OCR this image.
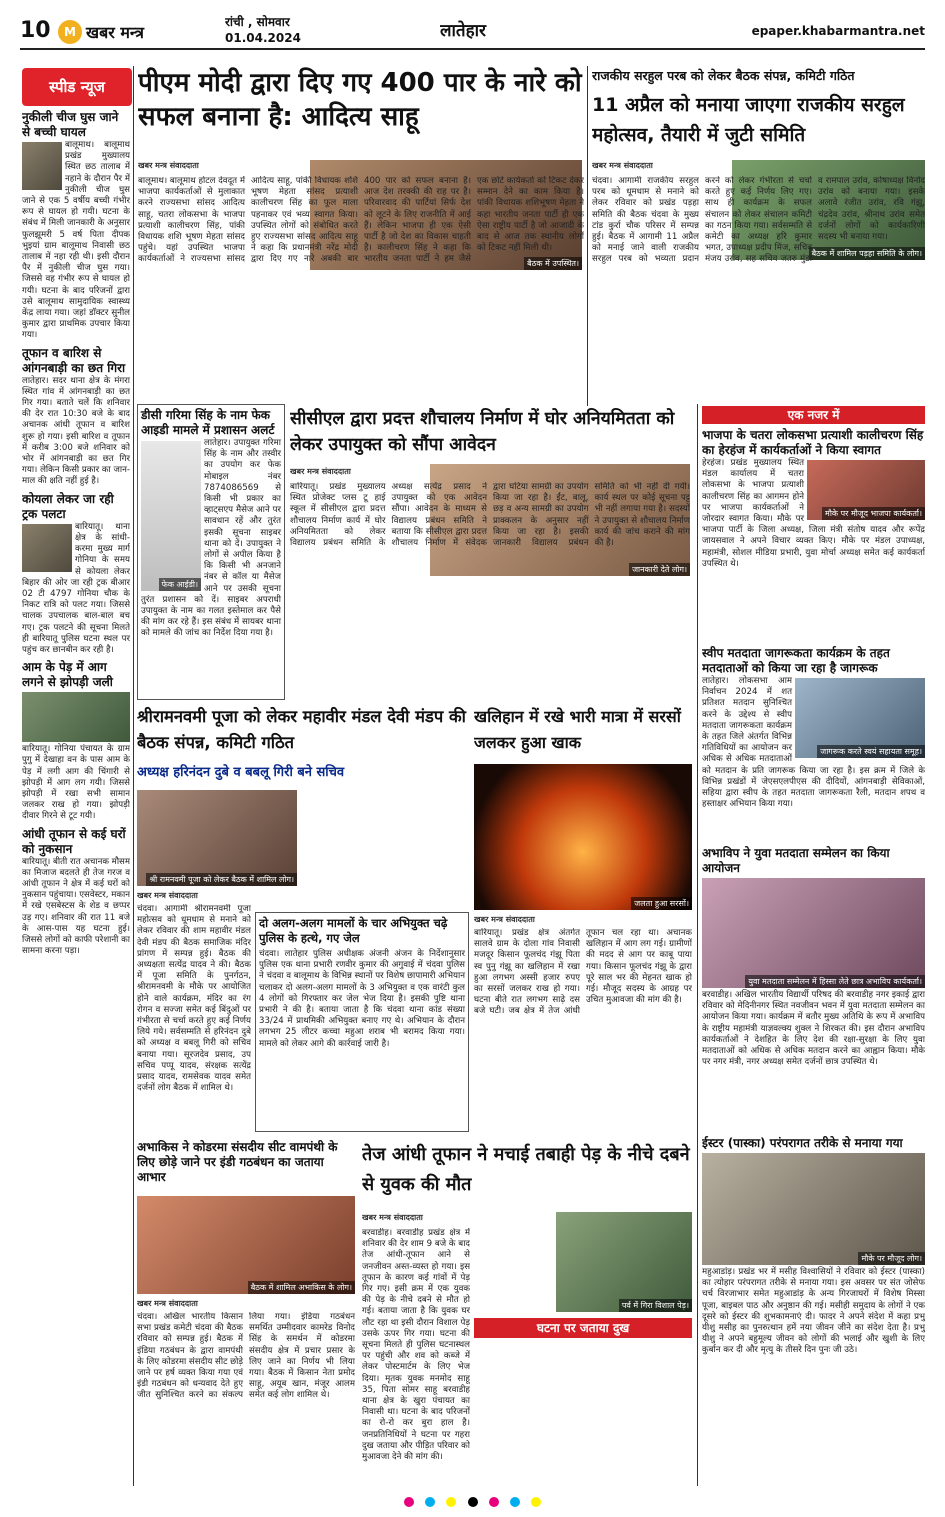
10	M खबर मन्त्र
रांची , सोमवार
01.04.2024	लातेहार	epaper.khabarmantra.net
स्पीड न्यूज
नुकीली चीज घुस जाने से बच्ची घायल
बालूमाथ। बालूमाथ प्रखंड मुख्यालय स्थित छठ तालाब में नहाने के दौरान पैर में नुकीली चीज घुस जाने से एक 5 वर्षीय बच्ची गंभीर रूप से घायल हो गयी। घटना के संबंध में मिली जानकारी के अनुसार फुलझूमरी 5 वर्ष पिता दीपक भुइयां ग्राम बालूमाथ निवासी छठ तालाब में नहा रही थी। इसी दौरान पैर में नुकीली चीज घुस गया। जिससे वह गंभीर रूप से घायल हो गयी। घटना के बाद परिजनों द्वारा उसे बालूमाथ सामुदायिक स्वास्थ्य केंद्र लाया गया। जहां डॉक्टर सुनील कुमार द्वारा प्राथमिक उपचार किया गया।
तूफान व बारिश से आंगनबाड़ी का छत गिरा
लातेहार। सदर थाना क्षेत्र के मंगरा स्थित गांव में आंगनबाड़ी का छत गिर गया। बताते चलें कि शनिवार की देर रात 10:30 बजे के बाद अचानक आंधी तूफान व बारिश शुरू हो गया। इसी बारिश व तूफान में करीब 3:00 बजे शनिवार को भोर में आंगनबाड़ी का छत गिर गया। लेकिन किसी प्रकार का जान-माल की क्षति नहीं हुई है।
कोयला लेकर जा रही ट्रक पलटा
बारियातू। थाना क्षेत्र के सांधी-करमा मुख्य मार्ग गोनिया के समय से कोयला लेकर बिहार की ओर जा रही ट्रक बीआर 02 टी 4797 गोनिया चौक के निकट रात्रि को पलट गया। जिससे चालक उपचालक बाल-बाल बच गए। ट्रक पलटने की सूचना मिलते ही बारियातू पुलिस घटना स्थल पर पहुंच कर छानबीन कर रही है।
आम के पेड़ में आग लगने से झोपड़ी जली
बारियातू। गोनिया पंचायत के ग्राम पुगु में देखाहा वन के पास आम के पेड़ में लगी आग की चिंगारी से झोपड़ी में आग लग गयी। जिससे झोपड़ी में रखा सभी सामान जलकर राख हो गया। झोपड़ी दीवार गिरने से टूट गयी।
आंधी तूफान से कई घरों को नुकसान
बारियातू। बीती रात अचानक मौसम का मिजाज बदलते ही तेज गरज व आंधी तूफान ने क्षेत्र में कई घरों को नुकसान पहुंचाया। एसवेस्टर, मकान में रखे एसबेस्टस के शेड व छप्पर उड़ गए। शनिवार की रात 11 बजे के आस-पास यह घटना हुई। जिससे लोगों को काफी परेशानी का सामना करना पड़ा।
पीएम मोदी द्वारा दिए गए 400 पार के नारे को सफल बनाना है: आदित्य साहू
खबर मन्त्र संवाददाता
बैठक में उपस्थित।
बालूमाथ। बालूमाथ होटल देवदूत में भाजपा कार्यकर्ताओं से मुलाकात करने राज्यसभा सांसद आदित्य साहू, चतरा लोकसभा के भाजपा प्रत्याशी कालीचरण सिंह, पांकी विधायक शशि भूषण मेहता सांसद पहुंचे। यहां उपस्थित भाजपा कार्यकर्ताओं ने राज्यसभा सांसद आदित्य साहू, पांकी विधायक शशि भूषण मेहता सांसद प्रत्याशी कालीचरण सिंह का फूल माला पहनाकर एवं भव्य स्वागत किया। उपस्थित लोगों को संबोधित करते हुए राज्यसभा सांसद आदित्य साहू ने कहा कि प्रधानमंत्री नरेंद्र मोदी द्वारा दिए गए नारे अबकी बार 400 पार को सफल बनाना है। आज देश तरक्की की राह पर है। परिवारवाद की पार्टियां सिर्फ देश को लूटने के लिए राजनीति में आई हैं। लेकिन भाजपा ही एक ऐसी पार्टी है जो देश का विकास चाहती है। कालीचरण सिंह ने कहा कि भारतीय जनता पार्टी ने हम जैसे एक छोटे कार्यकर्ता को टिकट देकर सम्मान देने का काम किया है। पांकी विधायक शशिभूषण मेहता ने कहा भारतीय जनता पार्टी ही एक ऐसा राष्ट्रीय पार्टी है जो आजादी के बाद से आज तक स्थानीय लोगों को टिकट नहीं मिली थी।
राजकीय सरहुल परब को लेकर बैठक संपन्न, कमिटी गठित
11 अप्रैल को मनाया जाएगा राजकीय सरहुल महोत्सव, तैयारी में जुटी समिति
खबर मन्त्र संवाददाता
बैठक में शामिल पड़हा समिति के लोग।
चंदवा। आगामी राजकीय सरहुल परब को धूमधाम से मनाने को लेकर रविवार को प्रखंड पड़हा समिति की बैठक चंदवा के मुख्य टांड कुर्रा चौक परिसर में सम्पन्न हुई। बैठक में आगामी 11 अप्रैल को मनाई जाने वाली राजकीय सरहुल परब को भव्यता प्रदान करने को लेकर गंभीरता से चर्चा करते हुए कई निर्णय लिए गए। साथ ही कार्यक्रम के सफल संचालन को लेकर संचालन कमिटी का गठन किया गया। सर्वसम्मति से कमेटी का अध्यक्ष हरि कुमार भगत, उपाध्यक्ष प्रदीप मिंज, सचिव मंजय उरांव, सह सचिव जतरु मुंडा व रामपाल उरांव, कोषाध्यक्ष विनोद उरांव को बनाया गया। इसके अलावे रंजीत उरांव, रवि गंझू, चंद्रदेव उरांव, श्रीनाथ उरांव समेत दर्जनों लोगों को कार्यकारिणी सदस्य भी बनाया गया।
डीसी गरिमा सिंह के नाम फेक आइडी मामले में प्रशासन अलर्ट
फेक आईडी।
लातेहार। उपायुक्त गरिमा सिंह के नाम और तस्वीर का उपयोग कर फेक मोबाइल नंबर 7874086569 से किसी भी प्रकार का व्हाट्सएप मैसेज आने पर सावधान रहें और तुरंत इसकी सूचना साइबर थाना को दें। उपायुक्त ने लोगों से अपील किया है कि किसी भी अनजाने नंबर से कॉल या मैसेज आने पर उसकी सूचना तुरंत प्रशासन को दें। साइबर अपराधी उपायुक्त के नाम का गलत इस्तेमाल कर पैसे की मांग कर रहे हैं। इस संबंध में सायबर थाना को मामले की जांच का निर्देश दिया गया है।
सीसीएल द्वारा प्रदत्त शौचालय निर्माण में घोर अनियमितता को लेकर उपायुक्त को सौंपा आवेदन
खबर मन्त्र संवाददाता
जानकारी देते लोग।
बारियातू। प्रखंड मुख्यालय स्थित प्रोजेक्ट प्लस टू हाई स्कूल में सीसीएल द्वारा प्रदत्त शौचालय निर्माण कार्य में घोर अनियमितता को लेकर विद्यालय प्रबंधन समिति के अध्यक्ष सत्येंद्र प्रसाद ने उपायुक्त को एक आवेदन सौंपा। आवेदन के माध्यम से विद्यालय प्रबंधन समिति ने बताया कि सीसीएल द्वारा प्रदत्त शौचालय निर्माण में संवेदक द्वारा घटिया सामग्री का उपयोग किया जा रहा है। ईंट, बालू, छड़ व अन्य सामग्री का उपयोग प्राक्कलन के अनुसार नहीं किया जा रहा है। इसकी जानकारी विद्यालय प्रबंधन समिति को भी नहीं दी गयी। कार्य स्थल पर कोई सूचना पट्ट भी नहीं लगाया गया है। सदस्यों ने उपायुक्त से शौचालय निर्माण कार्य की जांच कराने की मांग की है।
एक नजर में
भाजपा के चतरा लोकसभा प्रत्याशी कालीचरण सिंह का हेरहंज में कार्यकर्ताओं ने किया स्वागत
मौके पर मौजूद भाजपा कार्यकर्ता।
हेरहंज। प्रखंड मुख्यालय स्थित मंडल कार्यालय में चतरा लोकसभा के भाजपा प्रत्याशी कालीचरण सिंह का आगमन होने पर भाजपा कार्यकर्ताओं ने जोरदार स्वागत किया। मौके पर भाजपा पार्टी के जिला अध्यक्ष, जिला मंत्री संतोष यादव और रूपेंद्र जायसवाल ने अपने विचार व्यक्त किए। मौके पर मंडल उपाध्यक्ष, महामंत्री, सोशल मीडिया प्रभारी, युवा मोर्चा अध्यक्ष समेत कई कार्यकर्ता उपस्थित थे।
स्वीप मतदाता जागरूकता कार्यक्रम के तहत मतदाताओं को किया जा रहा है जागरूक
जागरूक करते स्वयं सहायता समूह।
लातेहार। लोकसभा आम निर्वाचन 2024 में शत प्रतिशत मतदान सुनिश्चित करने के उद्देश्य से स्वीप मतदाता जागरूकता कार्यक्रम के तहत जिले अंतर्गत विभिन्न गतिविधियों का आयोजन कर अधिक से अधिक मतदाताओं को मतदान के प्रति जागरूक किया जा रहा है। इस क्रम में जिले के विभिन्न प्रखंडों में जेएसएलपीएस की दीदियों, आंगनबाड़ी सेविकाओं, सहिया द्वारा स्वीप के तहत मतदाता जागरूकता रैली, मतदान शपथ व हस्ताक्षर अभियान किया गया।
अभाविप ने युवा मतदाता सम्मेलन का किया आयोजन
युवा मतदाता सम्मेलन में हिस्सा लेते छात्र अभाविप कार्यकर्ता।
बरवाडीह। अखिल भारतीय विद्यार्थी परिषद की बरवाडीह नगर इकाई द्वारा रविवार को मेदिनीनगर स्थित नवजीवन भवन में युवा मतदाता सम्मेलन का आयोजन किया गया। कार्यक्रम में बतौर मुख्य अतिथि के रूप में अभाविप के राष्ट्रीय महामंत्री याज्ञवल्क्य शुक्ल ने शिरकत की। इस दौरान अभाविप कार्यकर्ताओं ने देशहित के लिए देश की रक्षा-सुरक्षा के लिए युवा मतदाताओं को अधिक से अधिक मतदान करने का आह्वान किया। मौके पर नगर मंत्री, नगर अध्यक्ष समेत दर्जनों छात्र उपस्थित थे।
ईस्टर (पास्का) परंपरागत तरीके से मनाया गया
मौके पर मौजूद लोग।
महुआडांड़। प्रखंड भर में मसीह विश्वासियों ने रविवार को ईस्टर (पास्का) का त्योहार परंपरागत तरीके से मनाया गया। इस अवसर पर संत जोसेफ चर्च विरजाभार समेत महुआडांड़ के अन्य गिरजाघरों में विशेष मिस्सा पूजा, बाइबल पाठ और अनुष्ठान की गई। मसीही समुदाय के लोगों ने एक दूसरे को ईस्टर की शुभकामनाएं दी। फादर ने अपने संदेश में कहा प्रभु यीशु मसीह का पुनरुत्थान हमें नया जीवन जीने का संदेश देता है। प्रभु यीशु ने अपने बहुमूल्य जीवन को लोगों की भलाई और खुशी के लिए कुर्बान कर दी और मृत्यु के तीसरे दिन पुनः जी उठे।
श्रीरामनवमी पूजा को लेकर महावीर मंडल देवी मंडप की बैठक संपन्न, कमिटी गठित
अध्यक्ष हरिनंदन दुबे व बबलू गिरी बने सचिव
श्री रामनवमी पूजा को लेकर बैठक में शामिल लोग।
खबर मन्त्र संवाददाता
चंदवा। आगामी श्रीरामनवमी पूजा महोत्सव को धूमधाम से मनाने को लेकर रविवार की शाम महावीर मंडल देवी मंडप की बैठक समाजिक मंदिर प्रांगण में सम्पन्न हुई। बैठक की अध्यक्षता सत्येंद्र यादव ने की। बैठक में पूजा समिति के पुनर्गठन, श्रीरामनवमी के मौके पर आयोजित होने वाले कार्यक्रम, मंदिर का रंग रोगन व सज्जा समेत कई बिंदुओं पर गंभीरता से चर्चा करते हुए कई निर्णय लिये गये। सर्वसम्मति से हरिनंदन दुबे को अध्यक्ष व बबलू गिरी को सचिव बनाया गया। सूरजदेव प्रसाद, उप सचिव पप्पू यादव, संरक्षक सत्येंद्र प्रसाद यादव, रामसेवक यादव समेत दर्जनों लोग बैठक में शामिल थे।
खलिहान में रखे भारी मात्रा में सरसों जलकर हुआ खाक
जलता हुआ सरसों।
खबर मन्त्र संवाददाता
बारियातू। प्रखंड क्षेत्र अंतर्गत सालवे ग्राम के दोला गांव निवासी मजदूर किसान फूलचंद गंझू पिता स्व पुनु गंझू का खलिहान में रखा हुआ लगभग अस्सी हजार रुपए का सरसों जलकर राख हो गया। घटना बीते रात लगभग साढ़े दस बजे घटी। जब क्षेत्र में तेज आंधी तूफान चल रहा था। अचानक खलिहान में आग लग गई। ग्रामीणों की मदद से आग पर काबू पाया गया। किसान फूलचंद गंझू के द्वारा पूरे साल भर की मेहनत खाक हो गई। मौजूद सदस्य के आग्रह पर उचित मुआवजा की मांग की है।
दो अलग-अलग मामलों के चार अभियुक्त चढ़े पुलिस के हत्थे, गए जेल
चंदवा। लातेहार पुलिस अधीक्षक अंजनी अंजन के निर्देशानुसार पुलिस एक थाना प्रभारी रणवीर कुमार की अगुवाई में चंदवा पुलिस ने चंदवा व बालूमाथ के विभिन्न स्थानों पर विशेष छापामारी अभियान चलाकर दो अलग-अलग मामलों के 3 अभियुक्त व एक वारंटी कुल 4 लोगों को गिरफ्तार कर जेल भेज दिया है। इसकी पुष्टि थाना प्रभारी ने की है। बताया जाता है कि चंदवा थाना कांड संख्या 33/24 में प्राथमिकी अभियुक्त बनाए गए थे। अभियान के दौरान लगभग 25 लीटर कच्चा महुआ शराब भी बरामद किया गया। मामले को लेकर आगे की कार्रवाई जारी है।
अभाकिस ने कोडरमा संसदीय सीट वामपंथी के लिए छोड़े जाने पर इंडी गठबंधन का जताया आभार
बैठक में शामिल अभाकिस के लोग।
खबर मन्त्र संवाददाता
चंदवा। अखिल भारतीय किसान सभा प्रखंड कमेटी चंदवा की बैठक रविवार को सम्पन्न हुई। बैठक में इंडिया गठबंधन के द्वारा वामपंथी के लिए कोडरमा संसदीय सीट छोड़े जाने पर हर्ष व्यक्त किया गया एवं इंडी गठबंधन को धन्यवाद देते हुए जीत सुनिश्चित करने का संकल्प लिया गया। इंडिया गठबंधन समर्थित उम्मीदवार कामरेड विनोद सिंह के समर्थन में कोडरमा संसदीय क्षेत्र में प्रचार प्रसार के लिए जाने का निर्णय भी लिया गया। बैठक में किसान नेता प्रमोद साहू, अयूब खान, मंजूर आलम समेत कई लोग शामिल थे।
तेज आंधी तूफान ने मचाई तबाही पेड़ के नीचे दबने से युवक की मौत
खबर मन्त्र संवाददाता
पर्व में गिरा विशाल पेड़।
घटना पर जताया दुख
बरवाडीह। बरवाडीह प्रखंड क्षेत्र में शनिवार की देर शाम 9 बजे के बाद तेज आंधी-तूफान आने से जनजीवन अस्त-व्यस्त हो गया। इस तूफान के कारण कई गांवों में पेड़ गिर गए। इसी क्रम में एक युवक की पेड़ के नीचे दबने से मौत हो गई। बताया जाता है कि युवक घर लौट रहा था इसी दौरान विशाल पेड़ उसके ऊपर गिर गया। घटना की सूचना मिलते ही पुलिस घटनास्थल पर पहुंची और शव को कब्जे में लेकर पोस्टमार्टम के लिए भेज दिया। मृतक युवक मनमोद साहू 35, पिता सोमर साहू बरवाडीह थाना क्षेत्र के खुरा पंचायत का निवासी था। घटना के बाद परिजनों का रो-रो कर बुरा हाल है। जनप्रतिनिधियों ने घटना पर गहरा दुख जताया और पीड़ित परिवार को मुआवजा देने की मांग की।
